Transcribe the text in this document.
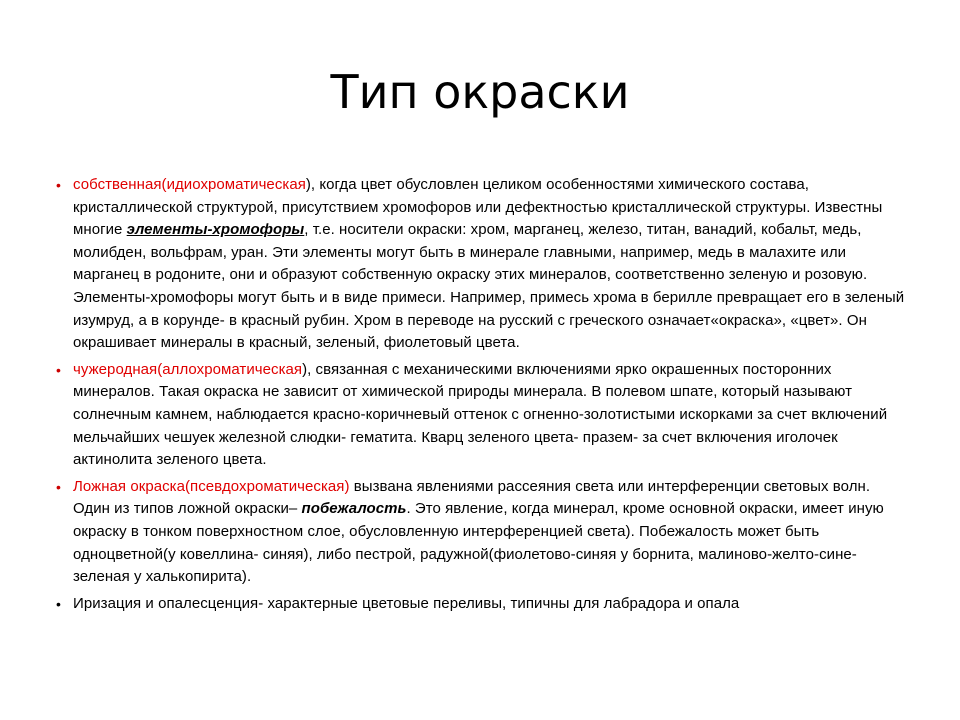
Тип окраски
• собственная(идиохроматическая), когда цвет обусловлен целиком особенностями химического состава, кристаллической структурой, присутствием хромофоров или дефектностью кристаллической структуры. Известны многие элементы-хромофоры, т.е. носители окраски: хром, марганец, железо, титан, ванадий, кобальт, медь, молибден, вольфрам, уран. Эти элементы могут быть в минерале главными, например, медь в малахите или марганец в родоните, они и образуют собственную окраску этих минералов, соответственно зеленую и розовую. Элементы-хромофоры могут быть и в виде примеси. Например, примесь хрома в берилле превращает его в зеленый изумруд, а в корунде- в красный рубин. Хром в переводе на русский с греческого означает«окраска», «цвет». Он окрашивает минералы в красный, зеленый, фиолетовый цвета.
• чужеродная(аллохроматическая), связанная с механическими включениями ярко окрашенных посторонних минералов. Такая окраска не зависит от химической природы минерала. В полевом шпате, который называют солнечным камнем, наблюдается красно-коричневый оттенок с огненно-золотистыми искорками за счет включений мельчайших чешуек железной слюдки- гематита. Кварц зеленого цвета- празем- за счет включения иголочек актинолита зеленого цвета.
• Ложная окраска(псевдохроматическая) вызвана явлениями рассеяния света или интерференции световых волн. Один из типов ложной окраски– побежалость. Это явление, когда минерал, кроме основной окраски, имеет иную окраску в тонком поверхностном слое, обусловленную интерференцией света). Побежалость может быть одноцветной(у ковеллина- синяя), либо пестрой, радужной(фиолетово-синяя у борнита, малиново-желто-сине-зеленая у халькопирита).
• Иризация и опалесценция- характерные цветовые переливы, типичны для лабрадора и опала
